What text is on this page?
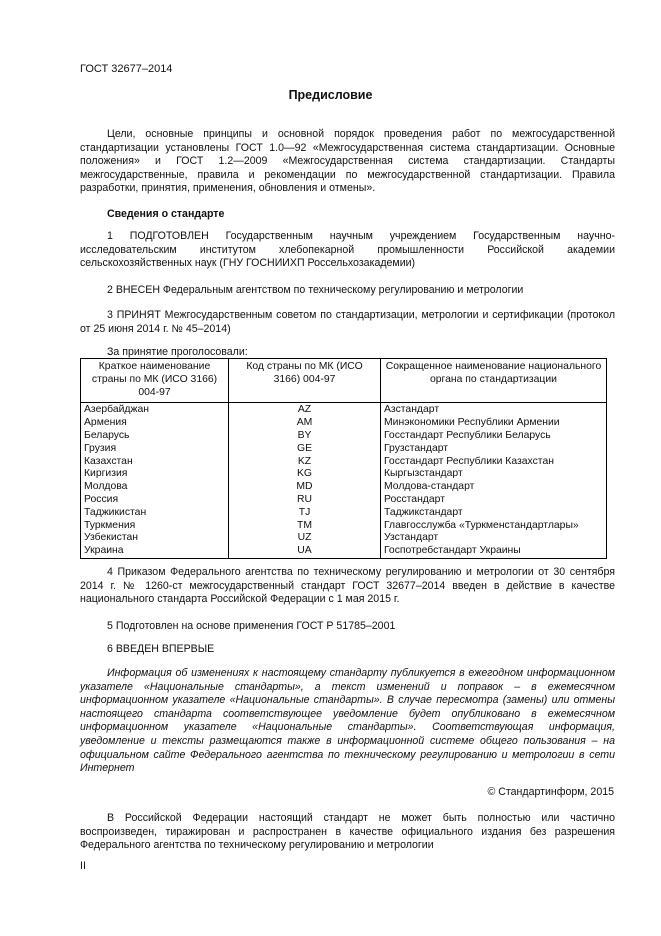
ГОСТ 32677–2014
Предисловие
Цели, основные принципы и основной порядок проведения работ по межгосударственной стандартизации установлены ГОСТ 1.0—92 «Межгосударственная система стандартизации. Основные положения» и ГОСТ 1.2—2009 «Межгосударственная система стандартизации. Стандарты межгосударственные, правила и рекомендации по межгосударственной стандартизации. Правила разработки, принятия, применения, обновления и отмены».
Сведения о стандарте
1 ПОДГОТОВЛЕН Государственным научным учреждением Государственным научно-исследовательским институтом хлебопекарной промышленности Российской академии сельскохозяйственных наук (ГНУ ГОСНИИХП Россельхозакадемии)
2 ВНЕСЕН Федеральным агентством по техническому регулированию и метрологии
3 ПРИНЯТ Межгосударственным советом по стандартизации, метрологии и сертификации (протокол от 25 июня 2014 г. № 45–2014)
За принятие проголосовали:
Краткое наименование страны по МК (ИСО 3166) 004-97	Код страны по МК (ИСО 3166) 004-97	Сокращенное наименование национального органа по стандартизации
Азербайджан	AZ	Азстандарт
Армения	AM	Минэкономики Республики Армении
Беларусь	BY	Госстандарт Республики Беларусь
Грузия	GE	Грузстандарт
Казахстан	KZ	Госстандарт Республики Казахстан
Киргизия	KG	Кыргызстандарт
Молдова	MD	Молдова-стандарт
Россия	RU	Росстандарт
Таджикистан	TJ	Таджикстандарт
Туркмения	TM	Главгосслужба «Туркменстандартлары»
Узбекистан	UZ	Узстандарт
Украина	UA	Госпотребстандарт Украины
4 Приказом Федерального агентства по техническому регулированию и метрологии от 30 сентября 2014 г. № 1260-ст межгосударственный стандарт ГОСТ 32677–2014 введен в действие в качестве национального стандарта Российской Федерации с 1 мая 2015 г.
5 Подготовлен на основе применения ГОСТ Р 51785–2001
6 ВВЕДЕН ВПЕРВЫЕ
Информация об изменениях к настоящему стандарту публикуется в ежегодном информационном указателе «Национальные стандарты», а текст изменений и поправок – в ежемесячном информационном указателе «Национальные стандарты». В случае пересмотра (замены) или отмены настоящего стандарта соответствующее уведомление будет опубликовано в ежемесячном информационном указателе «Национальные стандарты». Соответствующая информация, уведомление и тексты размещаются также в информационной системе общего пользования – на официальном сайте Федерального агентства по техническому регулированию и метрологии в сети Интернет
© Стандартинформ, 2015
В Российской Федерации настоящий стандарт не может быть полностью или частично воспроизведен, тиражирован и распространен в качестве официального издания без разрешения Федерального агентства по техническому регулированию и метрологии
II
